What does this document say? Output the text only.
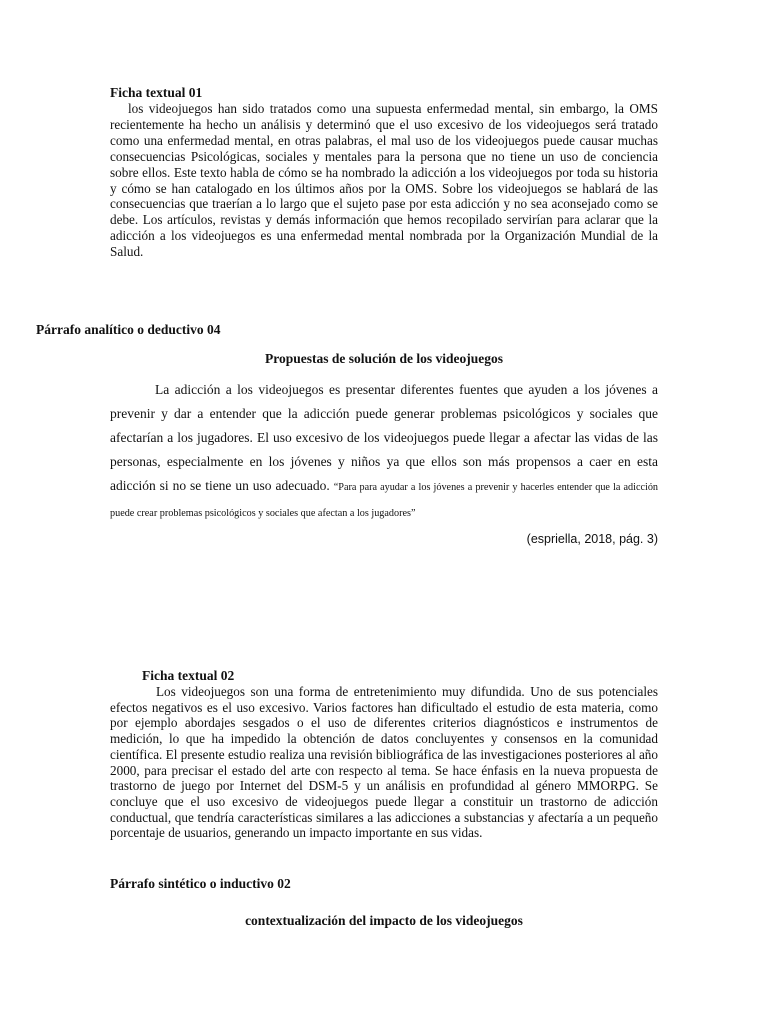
Ficha textual 01
los videojuegos han sido tratados como una supuesta enfermedad mental, sin embargo, la OMS recientemente ha hecho un análisis y determinó que el uso excesivo de los videojuegos será tratado como una enfermedad mental, en otras palabras, el mal uso de los videojuegos puede causar muchas consecuencias Psicológicas, sociales y mentales para la persona que no tiene un uso de conciencia sobre ellos. Este texto habla de cómo se ha nombrado la adicción a los videojuegos por toda su historia y cómo se han catalogado en los últimos años por la OMS. Sobre los videojuegos se hablará de las consecuencias que traerían a lo largo que el sujeto pase por esta adicción y no sea aconsejado como se debe. Los artículos, revistas y demás información que hemos recopilado servirían para aclarar que la adicción a los videojuegos es una enfermedad mental nombrada por la Organización Mundial de la Salud.
Párrafo analítico o deductivo 04
Propuestas de solución de los videojuegos
La adicción a los videojuegos es presentar diferentes fuentes que ayuden a los jóvenes a prevenir y dar a entender que la adicción puede generar problemas psicológicos y sociales que afectarían a los jugadores. El uso excesivo de los videojuegos puede llegar a afectar las vidas de las personas, especialmente en los jóvenes y niños ya que ellos son más propensos a caer en esta adicción si no se tiene un uso adecuado. “Para para ayudar a los jóvenes a prevenir y hacerles entender que la adicción puede crear problemas psicológicos y sociales que afectan a los jugadores”
(espriella, 2018, pág. 3)
Ficha textual 02
Los videojuegos son una forma de entretenimiento muy difundida. Uno de sus potenciales efectos negativos es el uso excesivo. Varios factores han dificultado el estudio de esta materia, como por ejemplo abordajes sesgados o el uso de diferentes criterios diagnósticos e instrumentos de medición, lo que ha impedido la obtención de datos concluyentes y consensos en la comunidad científica. El presente estudio realiza una revisión bibliográfica de las investigaciones posteriores al año 2000, para precisar el estado del arte con respecto al tema. Se hace énfasis en la nueva propuesta de trastorno de juego por Internet del DSM-5 y un análisis en profundidad al género MMORPG. Se concluye que el uso excesivo de videojuegos puede llegar a constituir un trastorno de adicción conductual, que tendría características similares a las adicciones a substancias y afectaría a un pequeño porcentaje de usuarios, generando un impacto importante en sus vidas.
Párrafo sintético o inductivo 02
contextualización del impacto de los videojuegos
